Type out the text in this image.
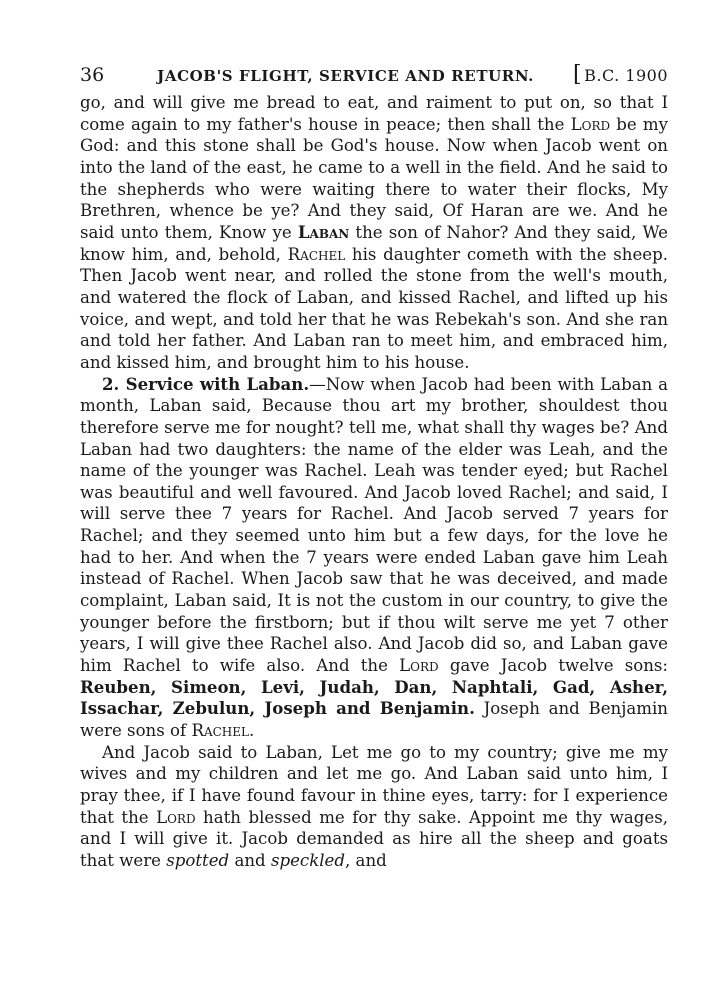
36	JACOB'S FLIGHT, SERVICE AND RETURN.	[ B.C. 1900

go, and will give me bread to eat, and raiment to put on, so that I come again to my father's house in peace; then shall the Lord be my God: and this stone shall be God's house. Now when Jacob went on into the land of the east, he came to a well in the field. And he said to the shepherds who were waiting there to water their flocks, My Brethren, whence be ye? And they said, Of Haran are we. And he said unto them, Know ye Laban the son of Nahor? And they said, We know him, and, behold, Rachel his daughter cometh with the sheep. Then Jacob went near, and rolled the stone from the well's mouth, and watered the flock of Laban, and kissed Rachel, and lifted up his voice, and wept, and told her that he was Rebekah's son. And she ran and told her father. And Laban ran to meet him, and embraced him, and kissed him, and brought him to his house.

2. Service with Laban.—Now when Jacob had been with Laban a month, Laban said, Because thou art my brother, shouldest thou therefore serve me for nought? tell me, what shall thy wages be? And Laban had two daughters: the name of the elder was Leah, and the name of the younger was Rachel. Leah was tender eyed; but Rachel was beautiful and well favoured. And Jacob loved Rachel; and said, I will serve thee 7 years for Rachel. And Jacob served 7 years for Rachel; and they seemed unto him but a few days, for the love he had to her. And when the 7 years were ended Laban gave him Leah instead of Rachel. When Jacob saw that he was deceived, and made complaint, Laban said, It is not the custom in our country, to give the younger before the firstborn; but if thou wilt serve me yet 7 other years, I will give thee Rachel also. And Jacob did so, and Laban gave him Rachel to wife also. And the Lord gave Jacob twelve sons: Reuben, Simeon, Levi, Judah, Dan, Naphtali, Gad, Asher, Issachar, Zebulun, Joseph and Benjamin. Joseph and Benjamin were sons of Rachel.

And Jacob said to Laban, Let me go to my country; give me my wives and my children and let me go. And Laban said unto him, I pray thee, if I have found favour in thine eyes, tarry: for I experience that the Lord hath blessed me for thy sake. Appoint me thy wages, and I will give it. Jacob demanded as hire all the sheep and goats that were spotted and speckled, and
